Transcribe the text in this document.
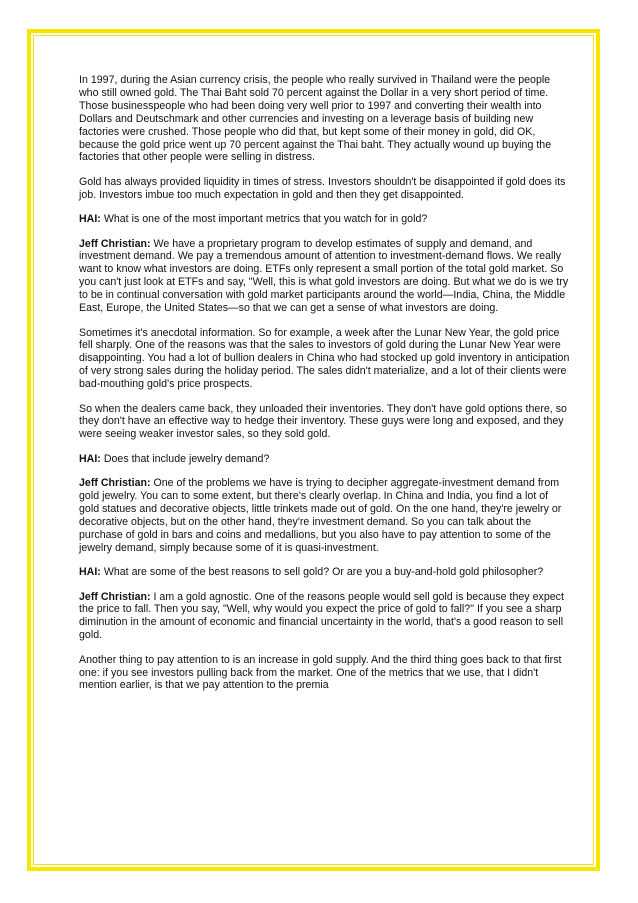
In 1997, during the Asian currency crisis, the people who really survived in Thailand were the people who still owned gold. The Thai Baht sold 70 percent against the Dollar in a very short period of time. Those businesspeople who had been doing very well prior to 1997 and converting their wealth into Dollars and Deutschmark and other currencies and investing on a leverage basis of building new factories were crushed. Those people who did that, but kept some of their money in gold, did OK, because the gold price went up 70 percent against the Thai baht. They actually wound up buying the factories that other people were selling in distress.

Gold has always provided liquidity in times of stress. Investors shouldn't be disappointed if gold does its job. Investors imbue too much expectation in gold and then they get disappointed.

HAI: What is one of the most important metrics that you watch for in gold?

Jeff Christian: We have a proprietary program to develop estimates of supply and demand, and investment demand. We pay a tremendous amount of attention to investment-demand flows. We really want to know what investors are doing. ETFs only represent a small portion of the total gold market. So you can't just look at ETFs and say, "Well, this is what gold investors are doing. But what we do is we try to be in continual conversation with gold market participants around the world—India, China, the Middle East, Europe, the United States—so that we can get a sense of what investors are doing.

Sometimes it's anecdotal information. So for example, a week after the Lunar New Year, the gold price fell sharply. One of the reasons was that the sales to investors of gold during the Lunar New Year were disappointing. You had a lot of bullion dealers in China who had stocked up gold inventory in anticipation of very strong sales during the holiday period. The sales didn't materialize, and a lot of their clients were bad-mouthing gold's price prospects.

So when the dealers came back, they unloaded their inventories. They don't have gold options there, so they don't have an effective way to hedge their inventory. These guys were long and exposed, and they were seeing weaker investor sales, so they sold gold.

HAI: Does that include jewelry demand?

Jeff Christian: One of the problems we have is trying to decipher aggregate-investment demand from gold jewelry. You can to some extent, but there's clearly overlap. In China and India, you find a lot of gold statues and decorative objects, little trinkets made out of gold. On the one hand, they're jewelry or decorative objects, but on the other hand, they're investment demand. So you can talk about the purchase of gold in bars and coins and medallions, but you also have to pay attention to some of the jewelry demand, simply because some of it is quasi-investment.

HAI: What are some of the best reasons to sell gold? Or are you a buy-and-hold gold philosopher?

Jeff Christian: I am a gold agnostic. One of the reasons people would sell gold is because they expect the price to fall. Then you say, "Well, why would you expect the price of gold to fall?" If you see a sharp diminution in the amount of economic and financial uncertainty in the world, that's a good reason to sell gold.

Another thing to pay attention to is an increase in gold supply. And the third thing goes back to that first one: if you see investors pulling back from the market. One of the metrics that we use, that I didn't mention earlier, is that we pay attention to the premia
